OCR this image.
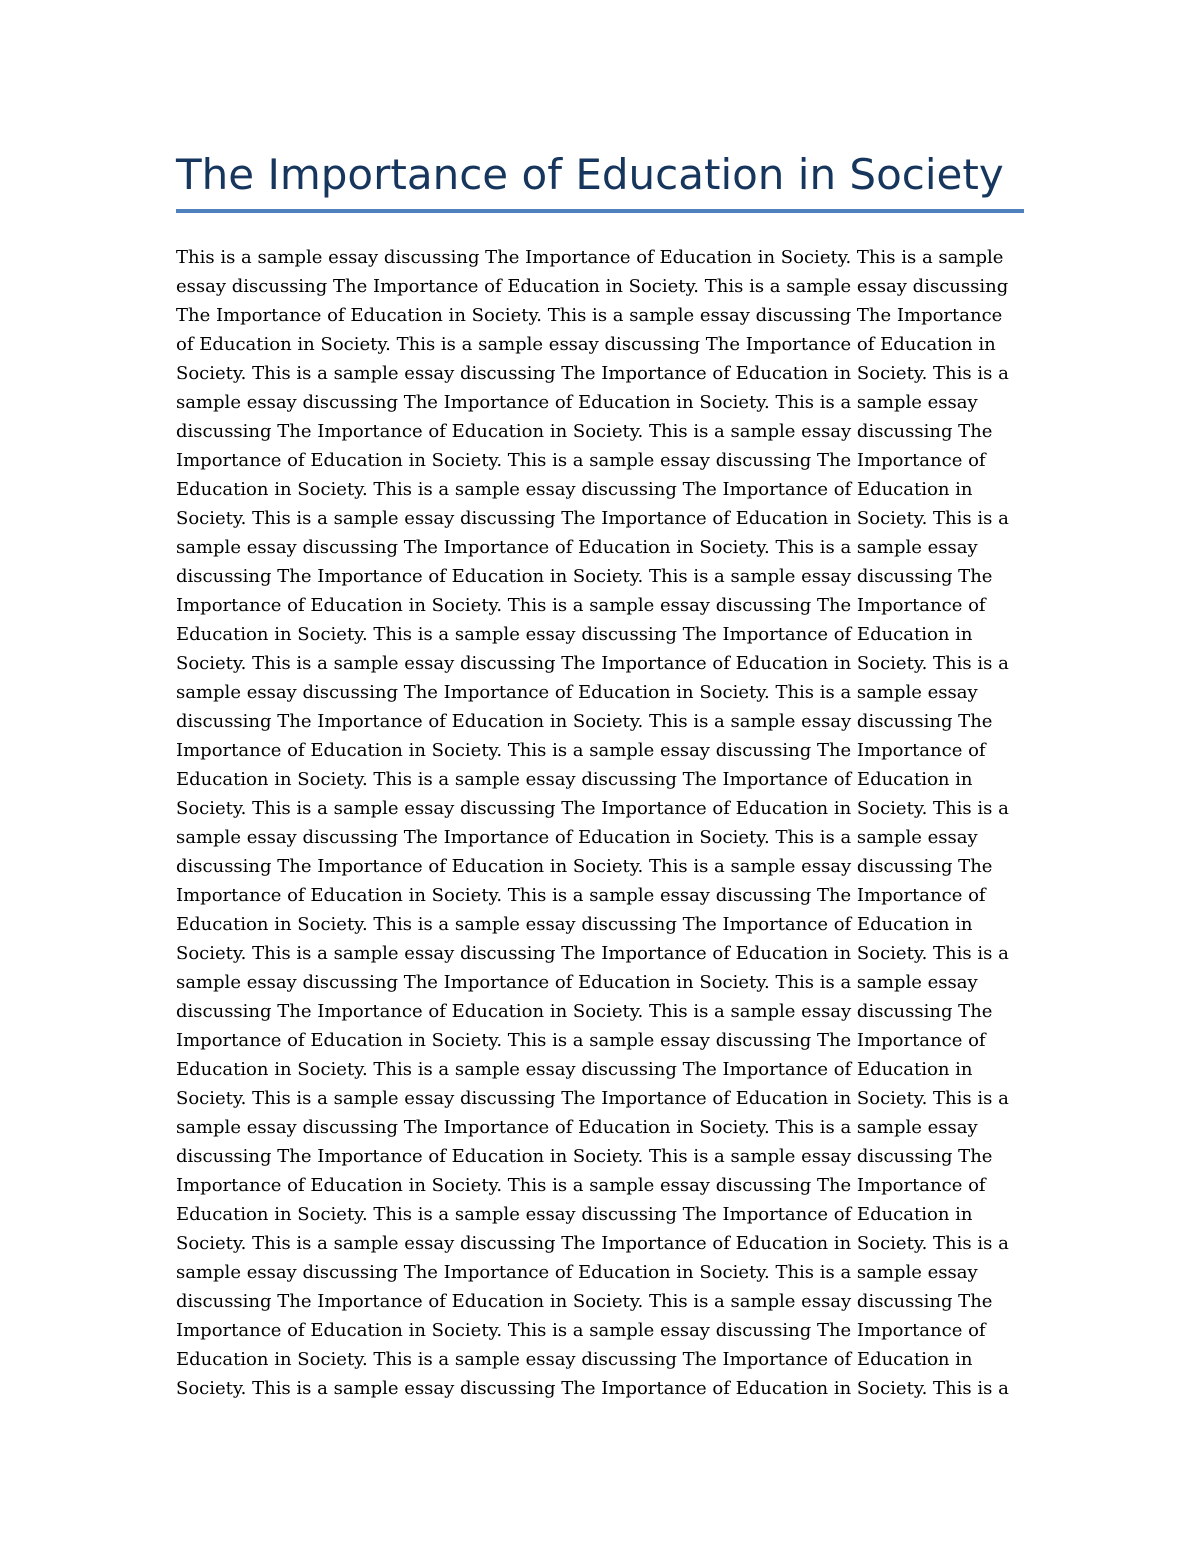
The Importance of Education in Society
This is a sample essay discussing The Importance of Education in Society. This is a sample
essay discussing The Importance of Education in Society. This is a sample essay discussing
The Importance of Education in Society. This is a sample essay discussing The Importance
of Education in Society. This is a sample essay discussing The Importance of Education in
Society. This is a sample essay discussing The Importance of Education in Society. This is a
sample essay discussing The Importance of Education in Society. This is a sample essay
discussing The Importance of Education in Society. This is a sample essay discussing The
Importance of Education in Society. This is a sample essay discussing The Importance of
Education in Society. This is a sample essay discussing The Importance of Education in
Society. This is a sample essay discussing The Importance of Education in Society. This is a
sample essay discussing The Importance of Education in Society. This is a sample essay
discussing The Importance of Education in Society. This is a sample essay discussing The
Importance of Education in Society. This is a sample essay discussing The Importance of
Education in Society. This is a sample essay discussing The Importance of Education in
Society. This is a sample essay discussing The Importance of Education in Society. This is a
sample essay discussing The Importance of Education in Society. This is a sample essay
discussing The Importance of Education in Society. This is a sample essay discussing The
Importance of Education in Society. This is a sample essay discussing The Importance of
Education in Society. This is a sample essay discussing The Importance of Education in
Society. This is a sample essay discussing The Importance of Education in Society. This is a
sample essay discussing The Importance of Education in Society. This is a sample essay
discussing The Importance of Education in Society. This is a sample essay discussing The
Importance of Education in Society. This is a sample essay discussing The Importance of
Education in Society. This is a sample essay discussing The Importance of Education in
Society. This is a sample essay discussing The Importance of Education in Society. This is a
sample essay discussing The Importance of Education in Society. This is a sample essay
discussing The Importance of Education in Society. This is a sample essay discussing The
Importance of Education in Society. This is a sample essay discussing The Importance of
Education in Society. This is a sample essay discussing The Importance of Education in
Society. This is a sample essay discussing The Importance of Education in Society. This is a
sample essay discussing The Importance of Education in Society. This is a sample essay
discussing The Importance of Education in Society. This is a sample essay discussing The
Importance of Education in Society. This is a sample essay discussing The Importance of
Education in Society. This is a sample essay discussing The Importance of Education in
Society. This is a sample essay discussing The Importance of Education in Society. This is a
sample essay discussing The Importance of Education in Society. This is a sample essay
discussing The Importance of Education in Society. This is a sample essay discussing The
Importance of Education in Society. This is a sample essay discussing The Importance of
Education in Society. This is a sample essay discussing The Importance of Education in
Society. This is a sample essay discussing The Importance of Education in Society. This is a
